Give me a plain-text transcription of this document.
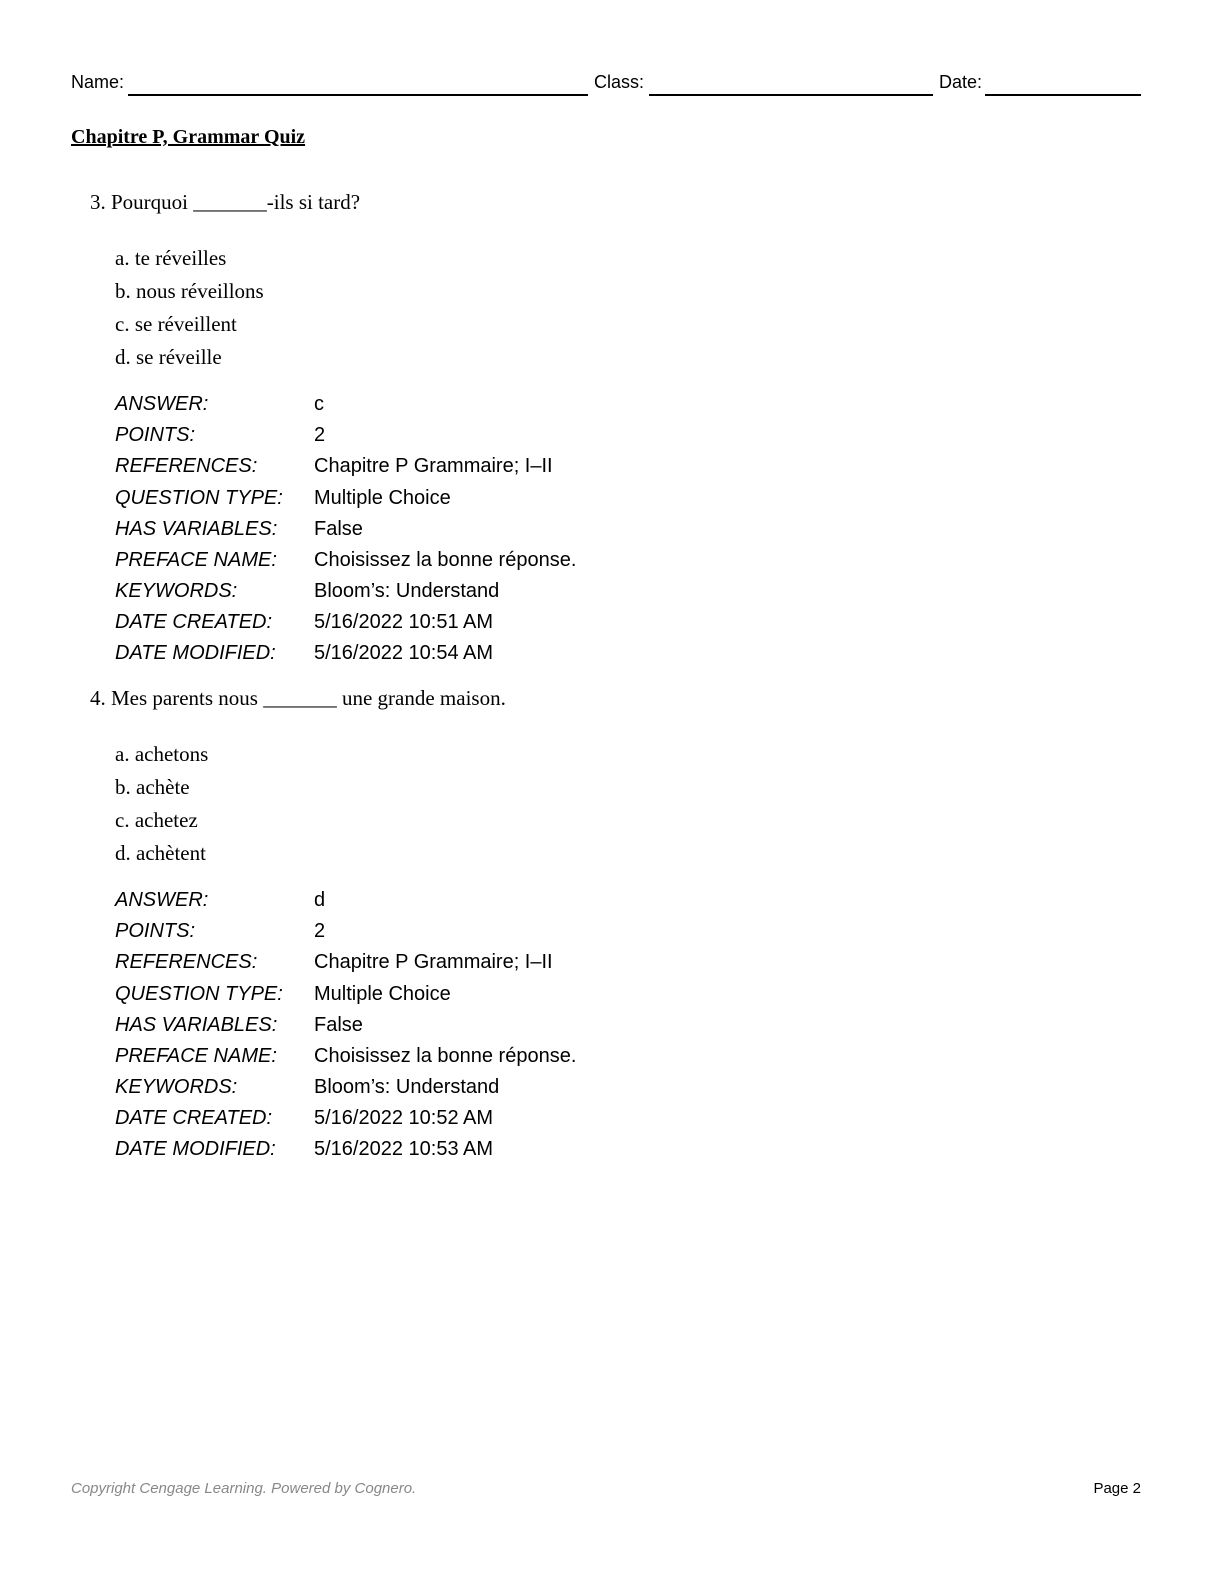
Name:	Class:	Date:
Chapitre P, Grammar Quiz
3. Pourquoi _______-ils si tard?
a. te réveilles
b. nous réveillons
c. se réveillent
d. se réveille
ANSWER:	c
POINTS:	2
REFERENCES:	Chapitre P Grammaire; I–II
QUESTION TYPE: Multiple Choice
HAS VARIABLES: False
PREFACE NAME: Choisissez la bonne réponse.
KEYWORDS:	Bloom’s: Understand
DATE CREATED: 5/16/2022 10:51 AM
DATE MODIFIED: 5/16/2022 10:54 AM
4. Mes parents nous _______ une grande maison.
a. achetons
b. achète
c. achetez
d. achètent
ANSWER:	d
POINTS:	2
REFERENCES:	Chapitre P Grammaire; I–II
QUESTION TYPE: Multiple Choice
HAS VARIABLES: False
PREFACE NAME: Choisissez la bonne réponse.
KEYWORDS:	Bloom’s: Understand
DATE CREATED: 5/16/2022 10:52 AM
DATE MODIFIED: 5/16/2022 10:53 AM
Copyright Cengage Learning. Powered by Cognero.	Page 2
